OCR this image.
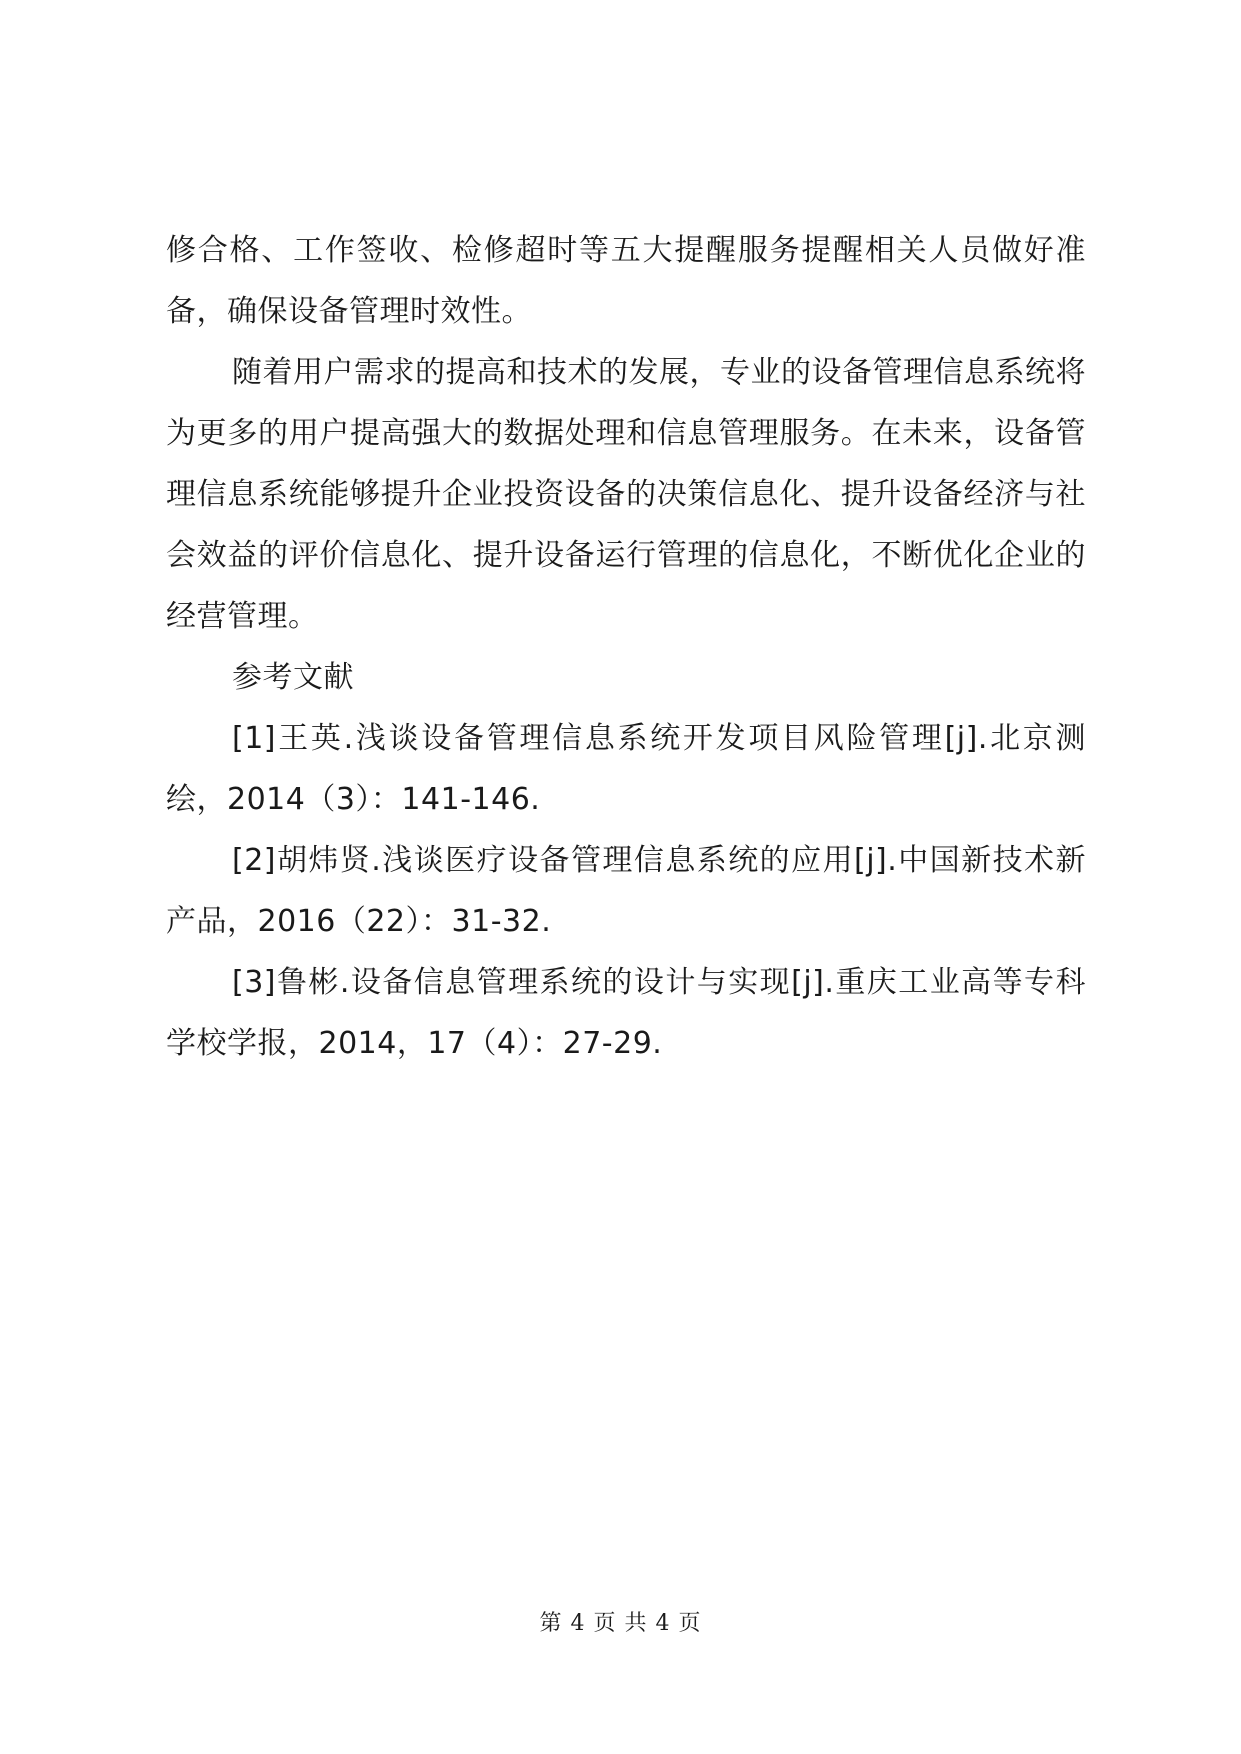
修合格、工作签收、检修超时等五大提醒服务提醒相关人员做好准备，确保设备管理时效性。

随着用户需求的提高和技术的发展，专业的设备管理信息系统将为更多的用户提高强大的数据处理和信息管理服务。在未来，设备管理信息系统能够提升企业投资设备的决策信息化、提升设备经济与社会效益的评价信息化、提升设备运行管理的信息化，不断优化企业的经营管理。

参考文献

[1]王英.浅谈设备管理信息系统开发项目风险管理[j].北京测绘，2014（3）：141-146.

[2]胡炜贤.浅谈医疗设备管理信息系统的应用[j].中国新技术新产品，2016（22）：31-32.

[3]鲁彬.设备信息管理系统的设计与实现[j].重庆工业高等专科学校学报，2014，17（4）：27-29.

第 4 页 共 4 页
